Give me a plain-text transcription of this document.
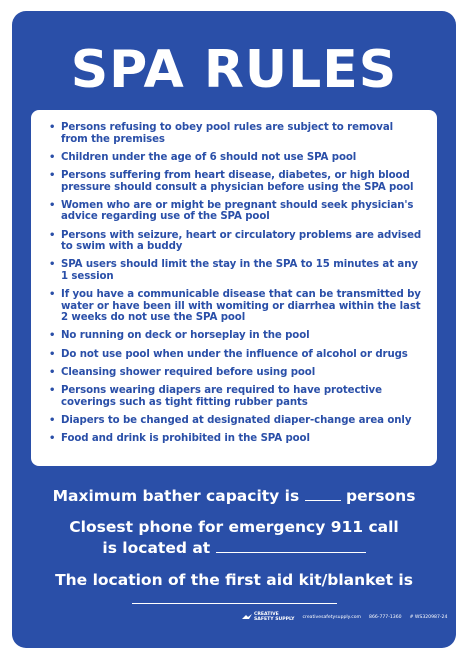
SPA RULES
• Persons refusing to obey pool rules are subject to removal from the premises
• Children under the age of 6 should not use SPA pool
• Persons suffering from heart disease, diabetes, or high blood pressure should consult a physician before using the SPA pool
• Women who are or might be pregnant should seek physician's advice regarding use of the SPA pool
• Persons with seizure, heart or circulatory problems are advised to swim with a buddy
• SPA users should limit the stay in the SPA to 15 minutes at any 1 session
• If you have a communicable disease that can be transmitted by water or have been ill with womiting or diarrhea within the last 2 weeks do not use the SPA pool
• No running on deck or horseplay in the pool
• Do not use pool when under the influence of alcohol or drugs
• Cleansing shower required before using pool
• Persons wearing diapers are required to have protective coverings such as tight fitting rubber pants
• Diapers to be changed at designated diaper-change area only
• Food and drink is prohibited in the SPA pool
Maximum bather capacity is	persons
Closest phone for emergency 911 call
is located at
The location of the first aid kit/blanket is
CREATIVE
SAFETY SUPPLY creativesafetysupply.com 866-777-1360 # WS320987-24
